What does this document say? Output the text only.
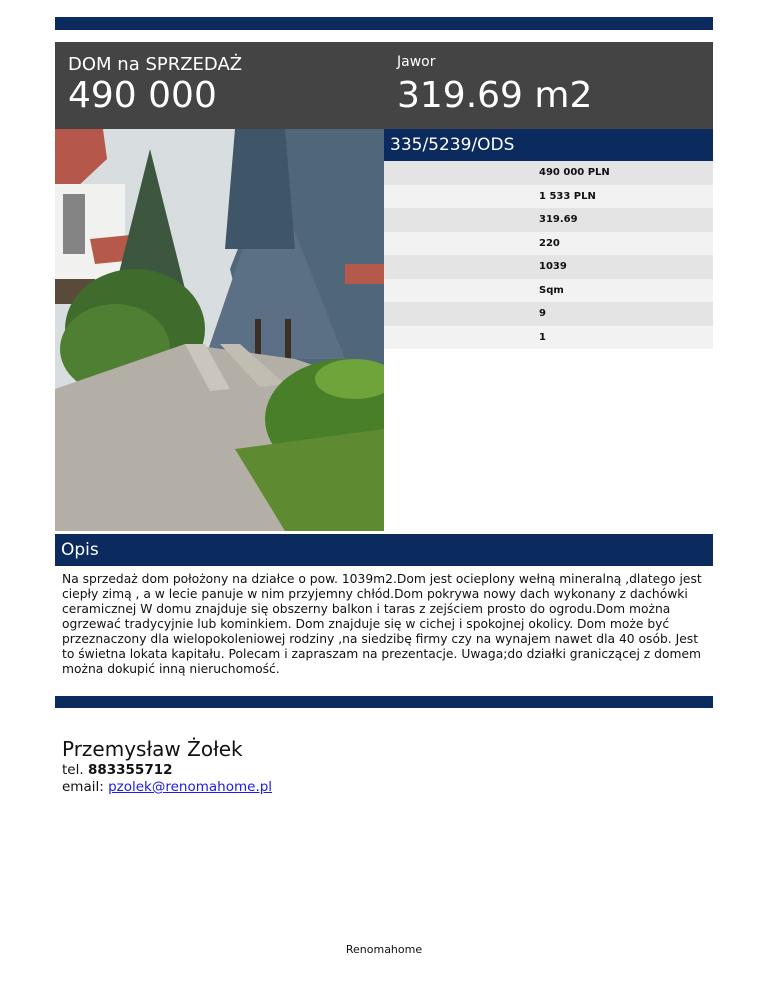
DOM na SPRZEDAŻ
490 000
Jawor
319.69 m2
335/5239/ODS
490 000 PLN
1 533 PLN
319.69
220
1039
Sqm
9
1
Opis
Na sprzedaż dom położony na działce o pow. 1039m2.Dom jest ocieplony wełną mineralną ,dlatego jest ciepły zimą , a w lecie panuje w nim przyjemny chłód.Dom pokrywa nowy dach wykonany z dachówki ceramicznej W domu znajduje się obszerny balkon i taras z zejściem prosto do ogrodu.Dom można ogrzewać tradycyjnie lub kominkiem. Dom znajduje się w cichej i spokojnej okolicy. Dom może być przeznaczony dla wielopokoleniowej rodziny ,na siedzibę firmy czy na wynajem nawet dla 40 osób. Jest to świetna lokata kapitału. Polecam i zapraszam na prezentacje. Uwaga;do działki graniczącej z domem można dokupić inną nieruchomość.
Przemysław Żołek
tel. 883355712
email: pzolek@renomahome.pl
Renomahome
